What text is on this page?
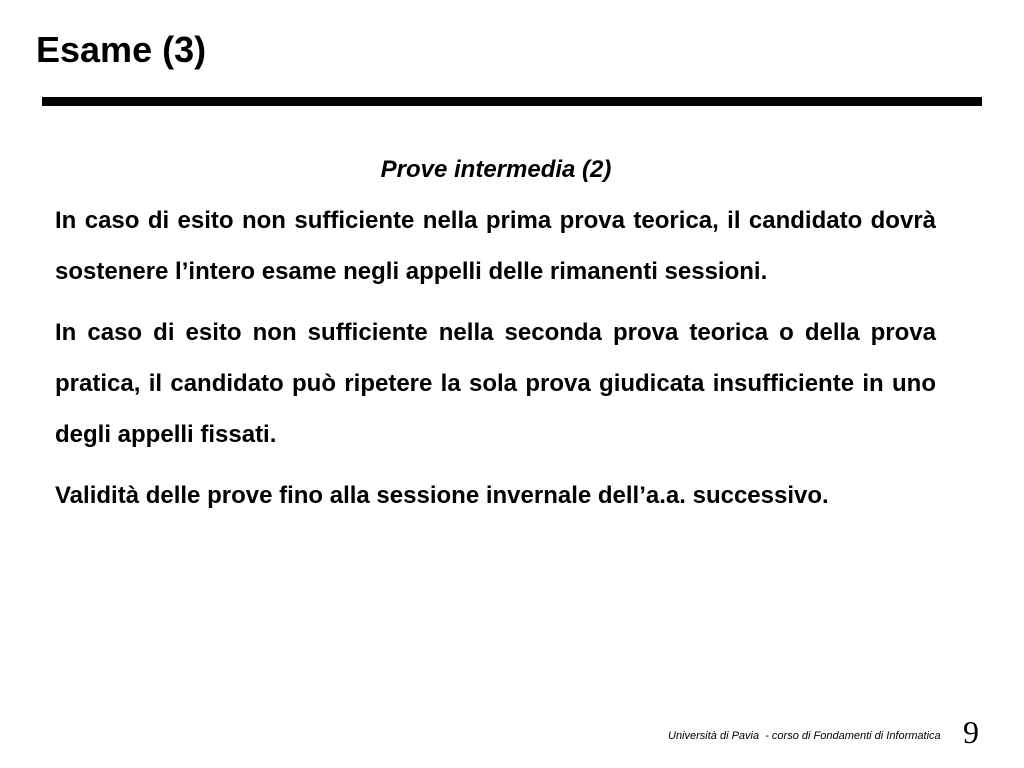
Esame (3)
Prove intermedia (2)

In caso di esito non sufficiente nella prima prova teorica, il candidato dovrà sostenere l’intero esame negli appelli delle rimanenti sessioni.

In caso di esito non sufficiente nella seconda prova teorica o della prova pratica, il candidato può ripetere la sola prova giudicata insufficiente in uno degli appelli fissati.

Validità delle prove fino alla sessione invernale dell’a.a. successivo.

Università di Pavia  - corso di Fondamenti di Informatica 9
